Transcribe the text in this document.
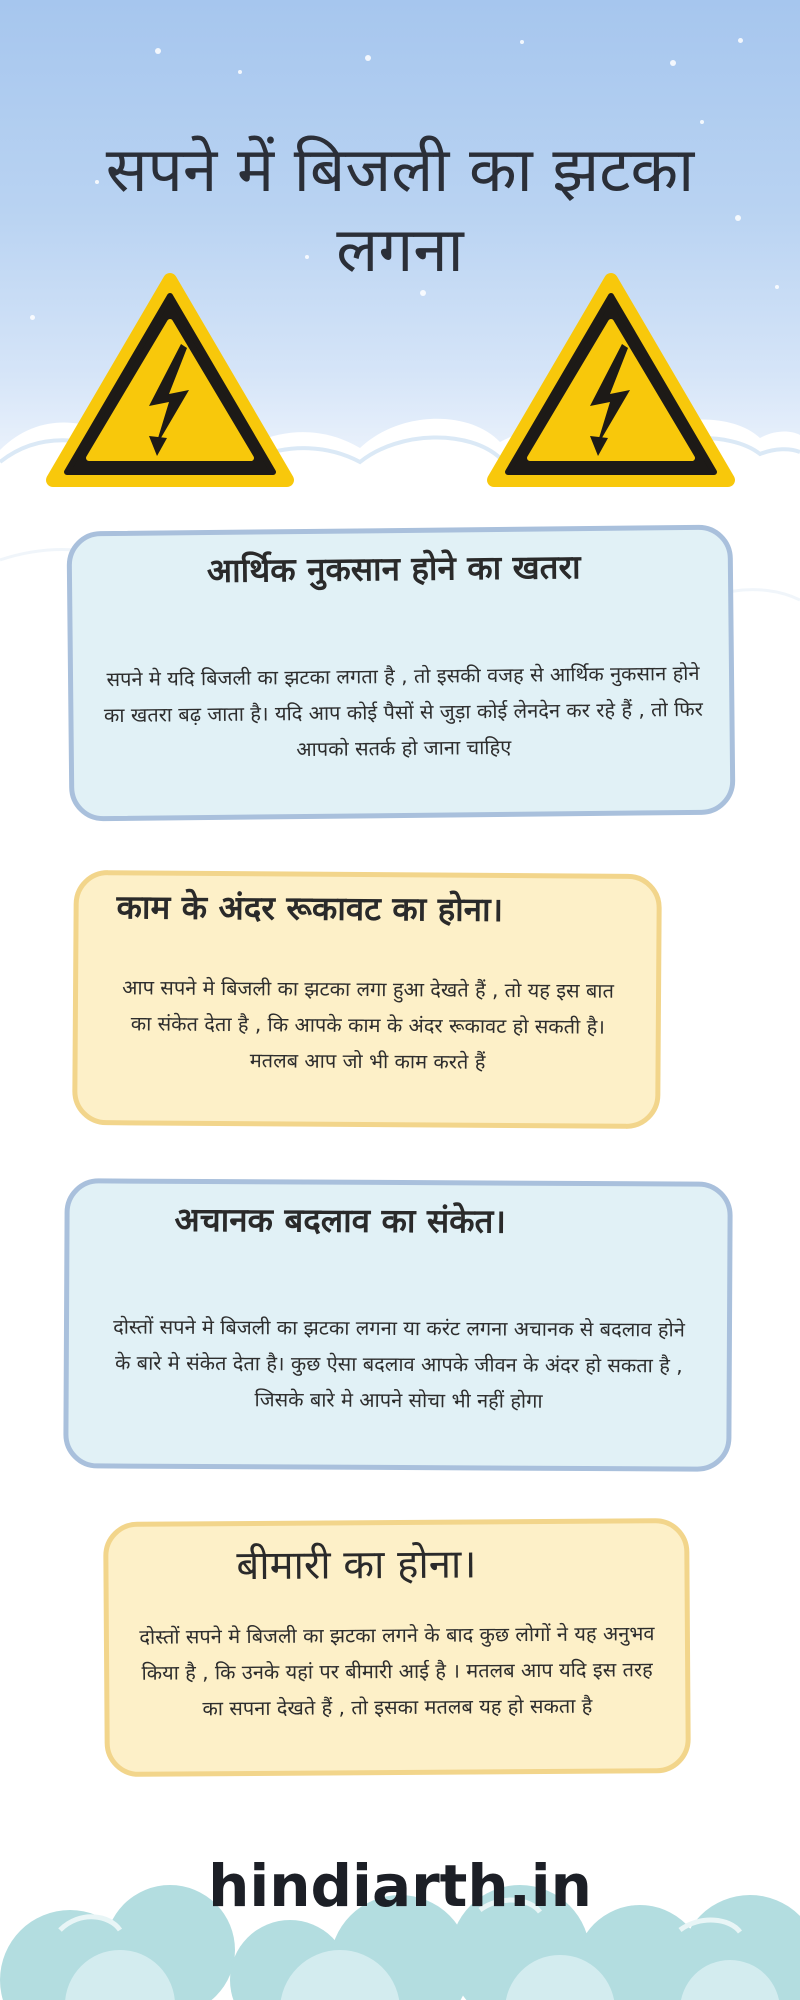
सपने में बिजली का झटका लगना
आर्थिक नुकसान होने का खतरा

सपने मे यदि बिजली का झटका लगता है , तो इसकी वजह से आर्थिक नुकसान होने का खतरा बढ़ जाता है। यदि आप कोई पैसों से जुड़ा कोई लेनदेन कर रहे हैं , तो फिर आपको सतर्क हो जाना चाहिए

काम के अंदर रूकावट का होना।

आप सपने मे बिजली का झटका लगा हुआ देखते हैं , तो यह इस बात का संकेत देता है , कि आपके काम के अंदर रूकावट हो सकती है। मतलब आप जो भी काम करते हैं

अचानक बदलाव का संकेत।

दोस्तों सपने मे बिजली का झटका लगना या करंट लगना अचानक से बदलाव होने के बारे मे संकेत देता है। कुछ ऐसा बदलाव आपके जीवन के अंदर हो सकता है , जिसके बारे मे आपने सोचा भी नहीं होगा

बीमारी का होना।

दोस्तों सपने मे बिजली का झटका लगने के बाद कुछ लोगों ने यह अनुभव किया है , कि उनके यहां पर बीमारी आई है । मतलब आप यदि इस तरह का सपना देखते हैं , तो इसका मतलब यह हो सकता है

hindiarth.in
